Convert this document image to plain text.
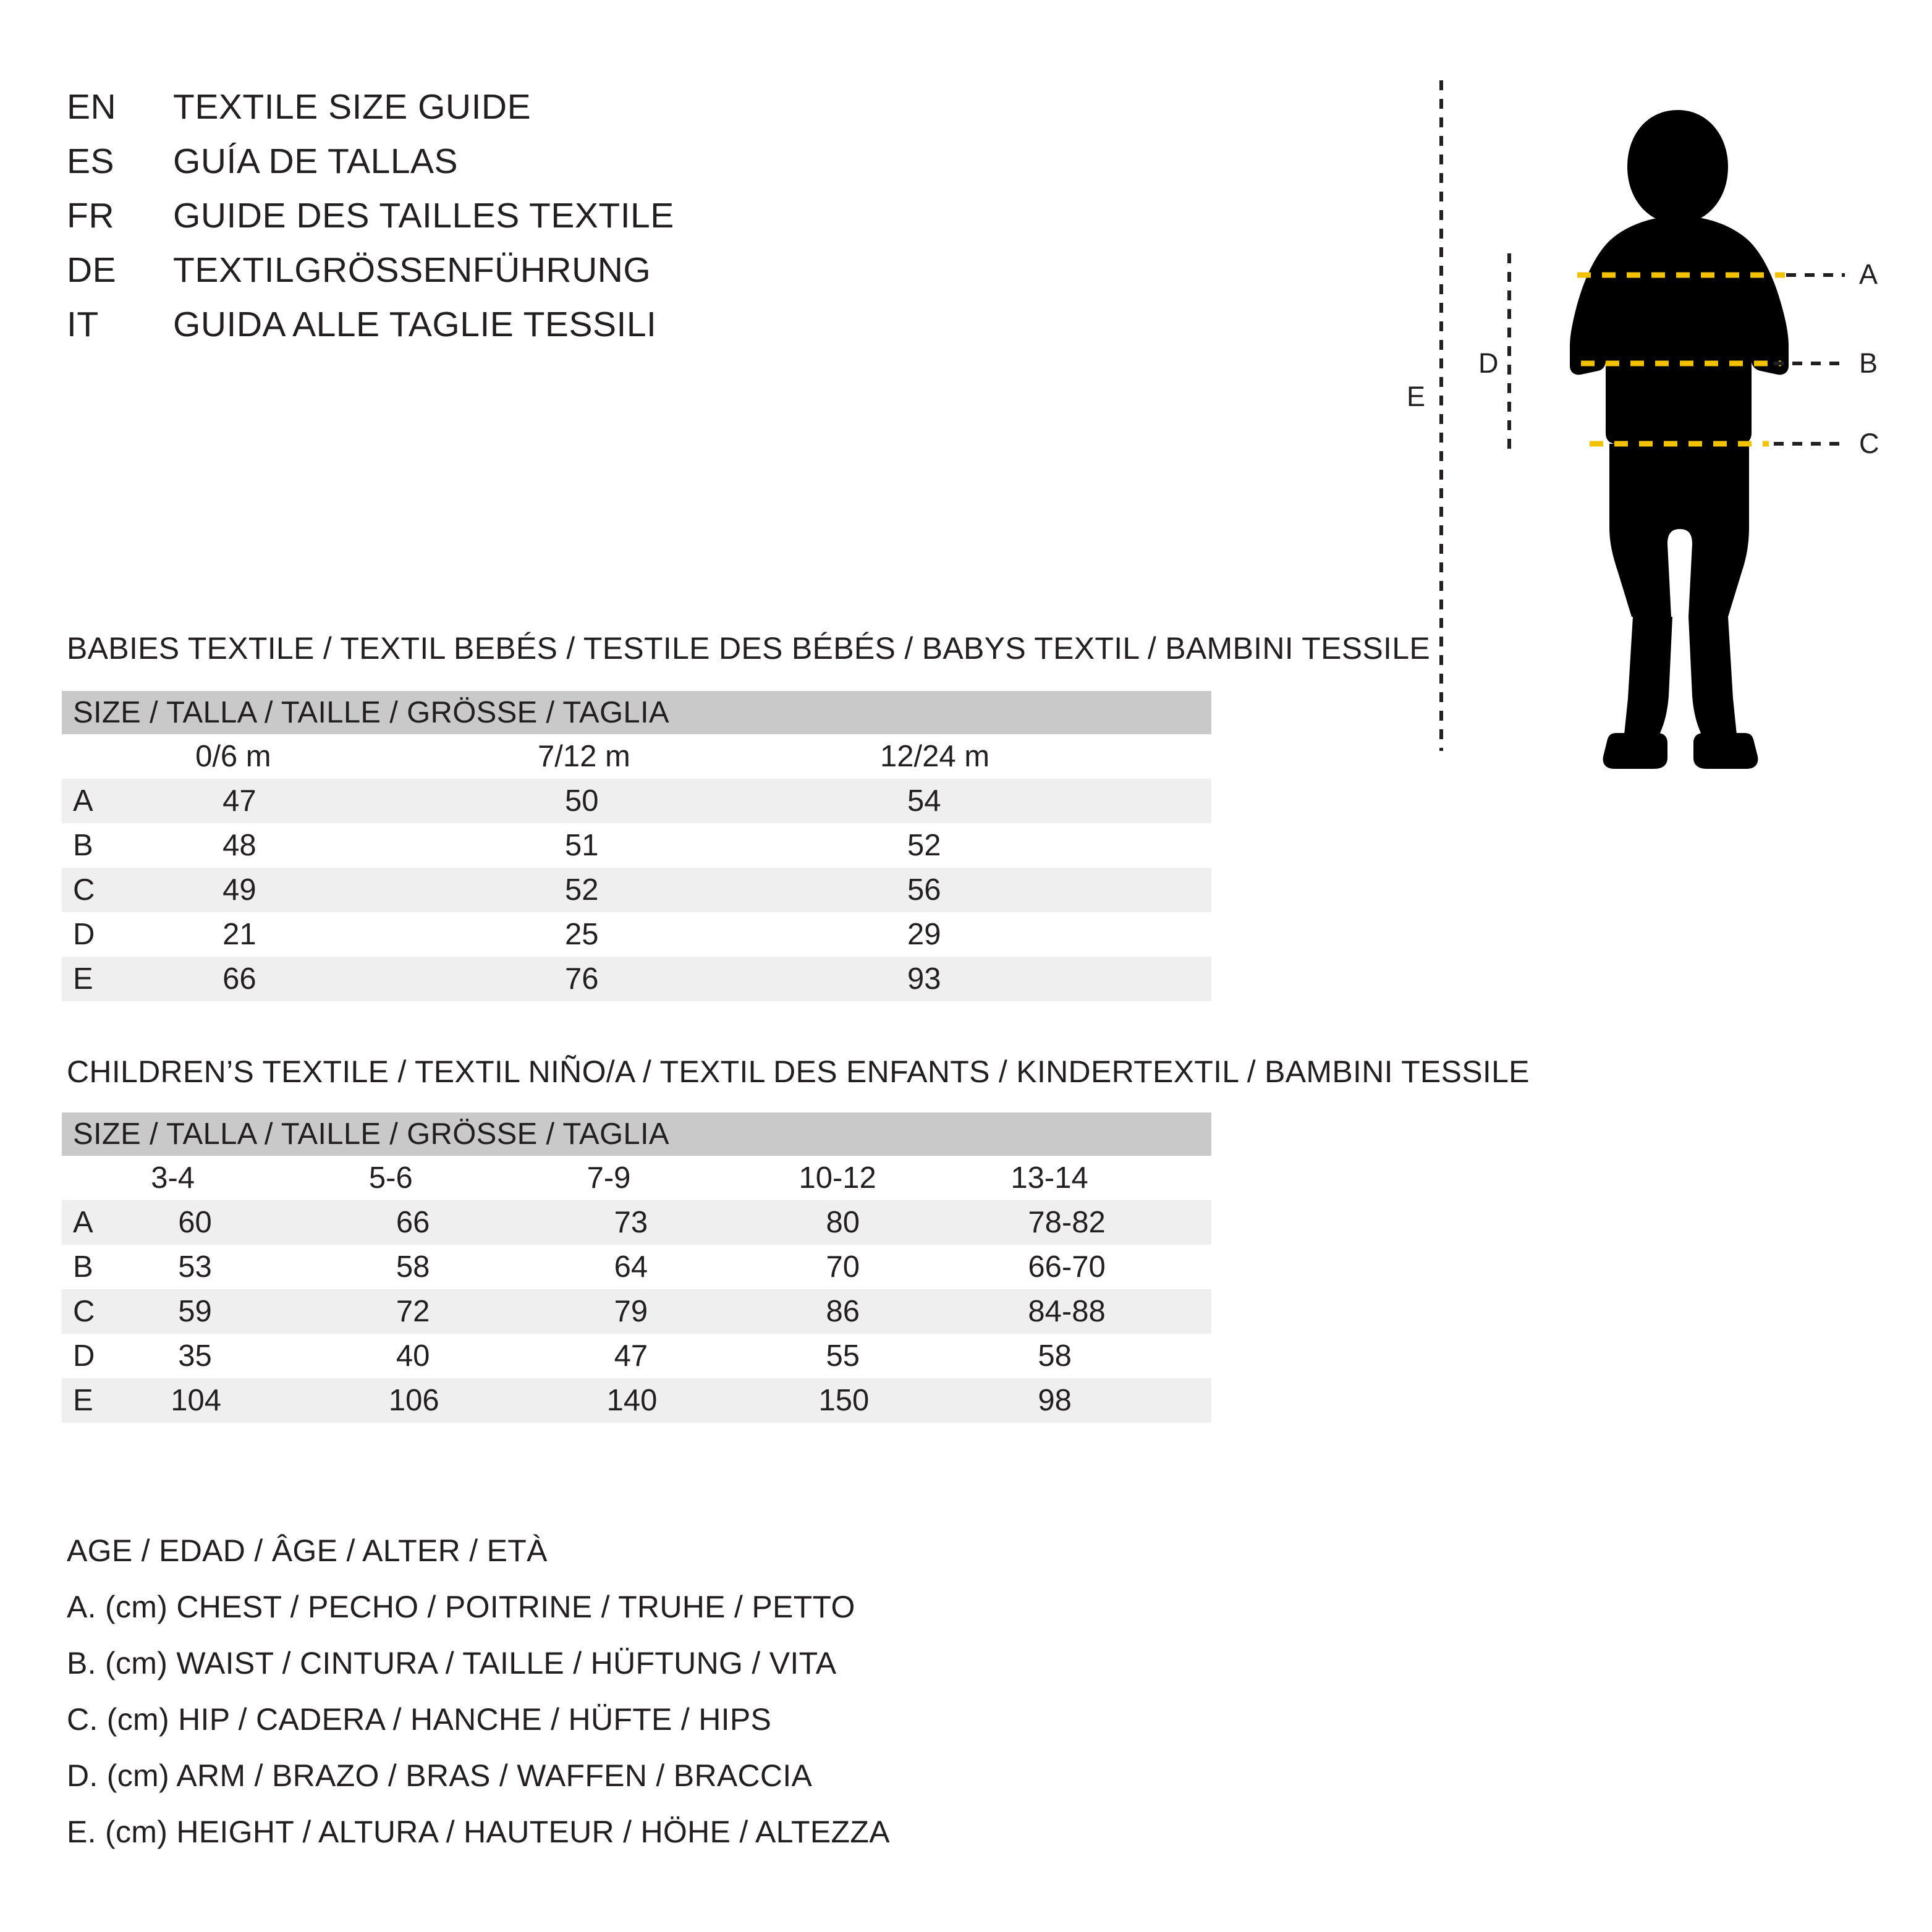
EN	TEXTILE SIZE GUIDE
ES	GUÍA DE TALLAS
FR	GUIDE DES TAILLES TEXTILE
DE	TEXTILGRÖSSENFÜHRUNG
IT	GUIDA ALLE TAGLIE TESSILI
A
B
C
D
E
BABIES TEXTILE / TEXTIL BEBÉS / TESTILE DES BÉBÉS / BABYS TEXTIL / BAMBINI TESSILE
SIZE / TALLA / TAILLE / GRÖSSE / TAGLIA			
	0/6 m	7/12 m	12/24 m
A	47	50	54
B	48	51	52
C	49	52	56
D	21	25	29
E	66	76	93
CHILDREN’S TEXTILE / TEXTIL NIÑO/A / TEXTIL DES ENFANTS / KINDERTEXTIL / BAMBINI TESSILE
SIZE / TALLA / TAILLE / GRÖSSE / TAGLIA					
	3-4	5-6	7-9	10-12	13-14
A	60	66	73	80	78-82
B	53	58	64	70	66-70
C	59	72	79	86	84-88
D	35	40	47	55	58
E	104	106	140	150	98
AGE / EDAD / ÂGE / ALTER / ETÀ
A. (cm) CHEST / PECHO / POITRINE / TRUHE / PETTO
B. (cm) WAIST / CINTURA / TAILLE / HÜFTUNG / VITA
C. (cm) HIP / CADERA / HANCHE / HÜFTE / HIPS
D. (cm) ARM / BRAZO / BRAS / WAFFEN / BRACCIA
E. (cm) HEIGHT / ALTURA / HAUTEUR / HÖHE / ALTEZZA
